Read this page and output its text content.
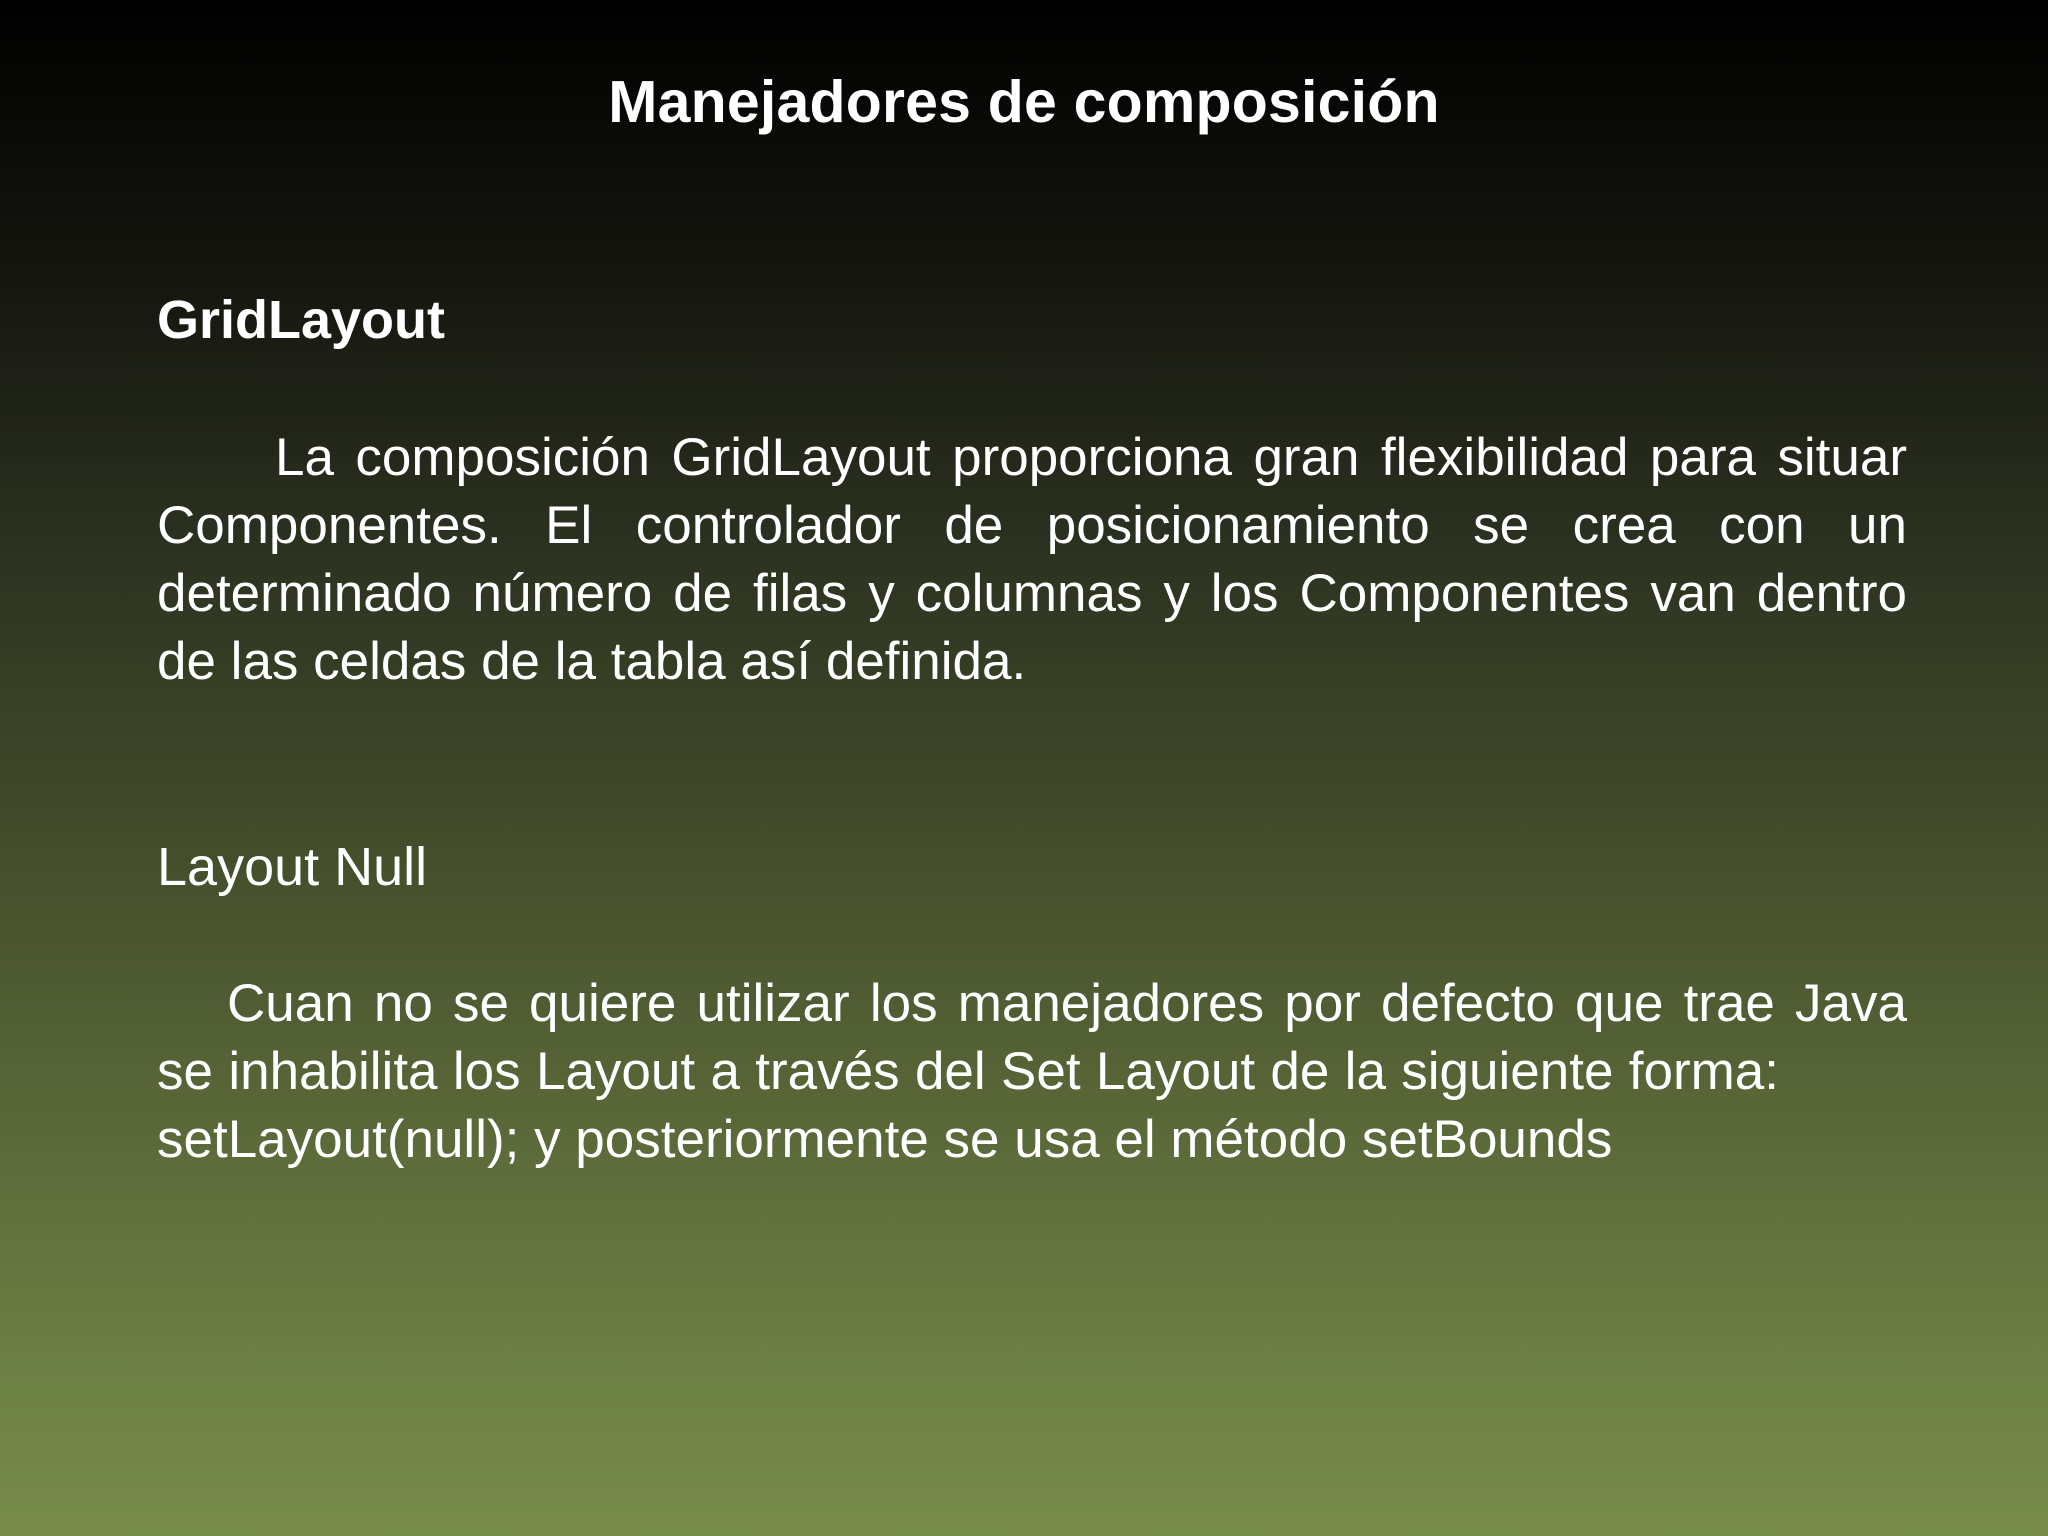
Manejadores de composición

GridLayout

La composición GridLayout proporciona gran flexibilidad para situar Componentes. El controlador de posicionamiento se crea con un determinado número de filas y columnas y los Componentes van dentro de las celdas de la tabla así definida.

Layout Null

Cuan no se quiere utilizar los manejadores por defecto que trae Java se inhabilita los Layout a través del Set Layout de la siguiente forma:setLayout(null); y posteriormente se usa el método setBounds
